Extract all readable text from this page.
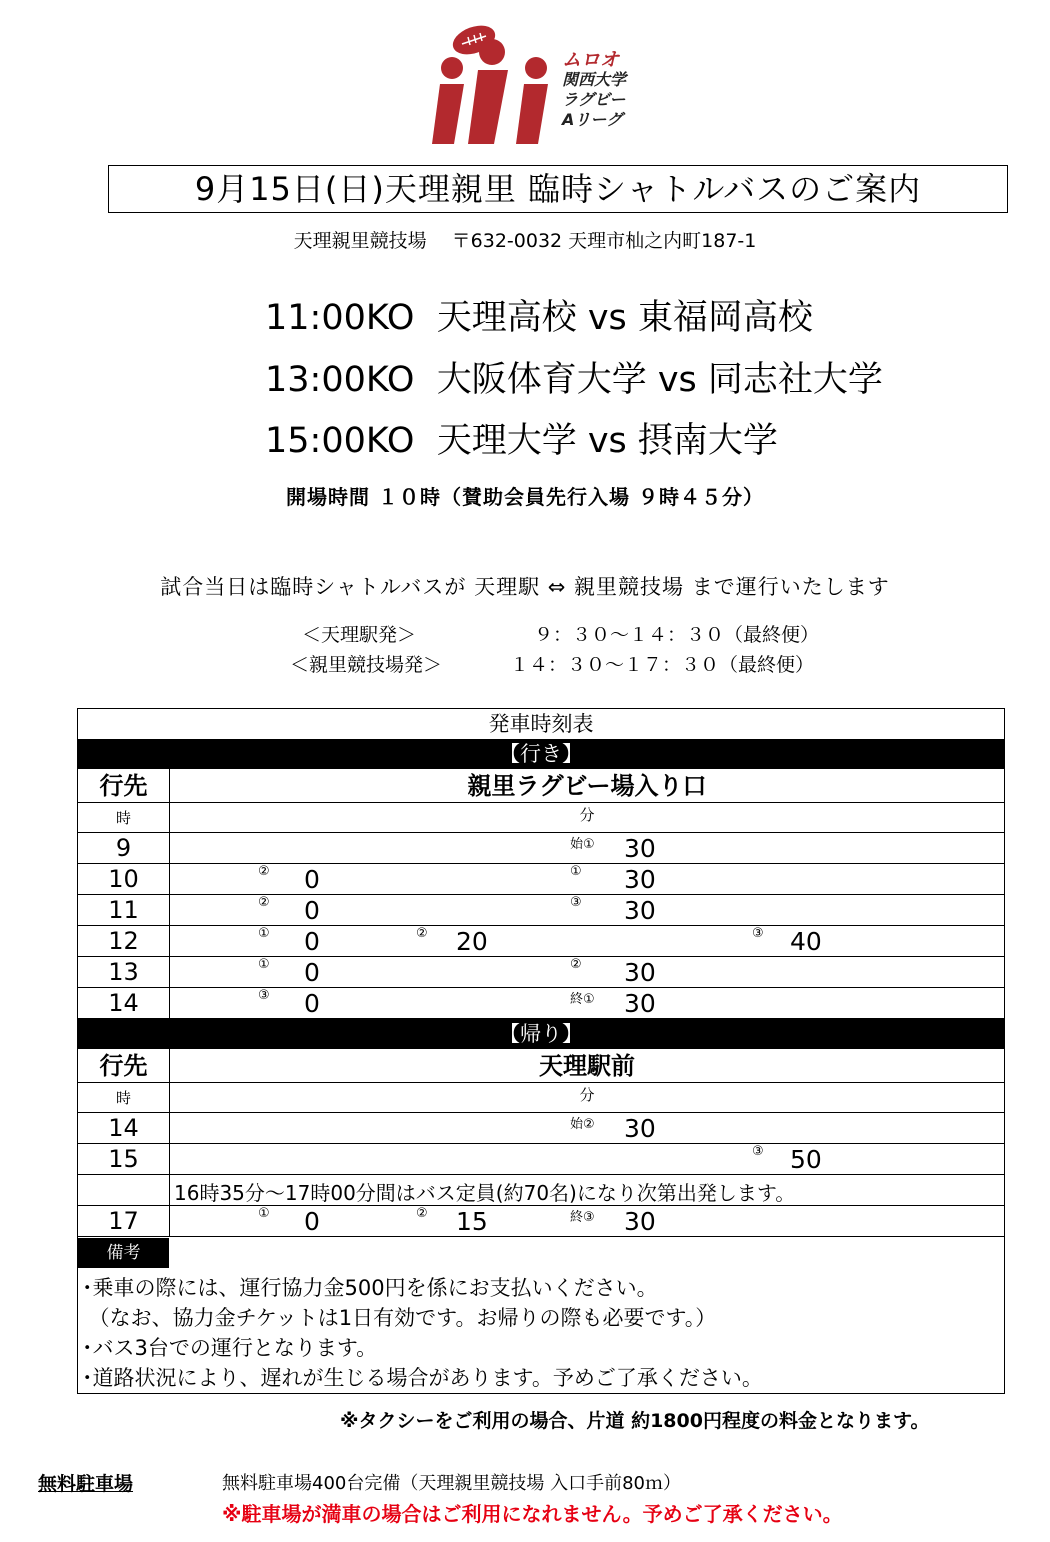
ムロオ
関西大学
ラグビー
Aリーグ
9月15日(日)天理親里 臨時シャトルバスのご案内
天理親里競技場　 〒632-0032 天理市杣之内町187-1
11:00KO  天理高校 vs 東福岡高校
13:00KO  大阪体育大学 vs 同志社大学
15:00KO  天理大学 vs 摂南大学
開場時間 １０時（賛助会員先行入場 ９時４５分）
試合当日は臨時シャトルバスが 天理駅 ⇔ 親里競技場 まで運行いたします
＜天理駅発＞	９：３０～１４：３０（最終便）
＜親里競技場発＞	１４：３０～１７：３０（最終便）
発車時刻表
【行き】
行先	親里ラグビー場入り口
時	分
9	始① 30
10	② 0	① 30
11	② 0	③ 30
12	① 0	② 20	③ 40
13	① 0	② 30
14	③ 0	終① 30
【帰り】
行先	天理駅前
時	分
14	始② 30
15	③ 50
16時35分～17時00分間はバス定員(約70名)になり次第出発します。
17	① 0	② 15	終③ 30
備考
･乗車の際には、運行協力金500円を係にお支払いください。
（なお、協力金チケットは1日有効です。お帰りの際も必要です。）
･バス3台での運行となります。
･道路状況により、遅れが生じる場合があります。予めご了承ください。
※タクシーをご利用の場合、片道 約1800円程度の料金となります。
無料駐車場	無料駐車場400台完備（天理親里競技場 入口手前80ｍ）
※駐車場が満車の場合はご利用になれません。予めご了承ください。
